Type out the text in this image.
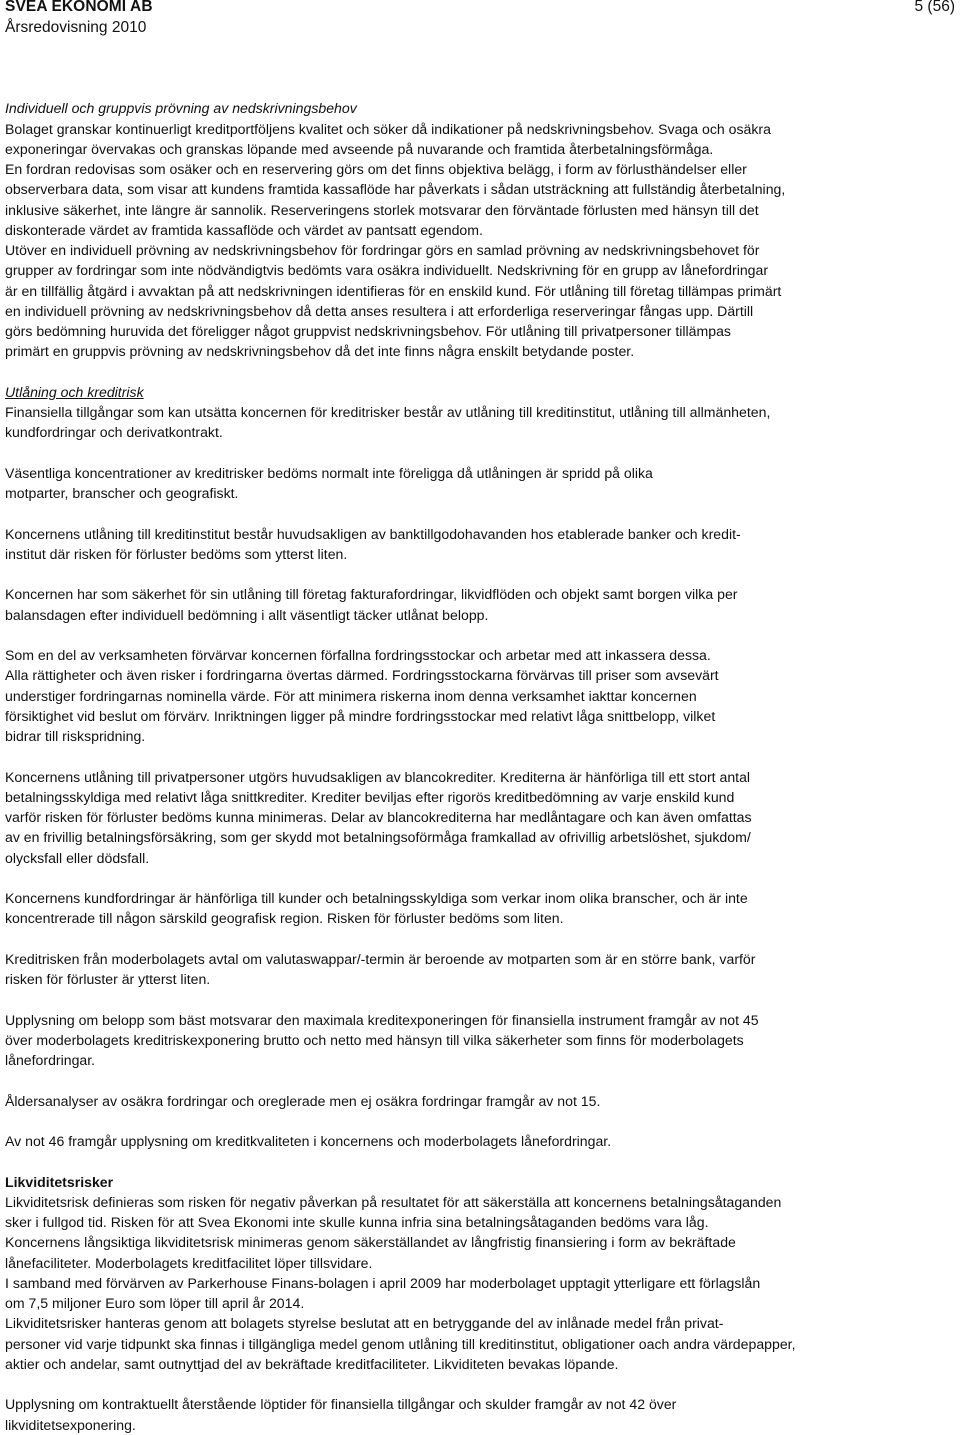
SVEA EKONOMI AB
Årsredovisning 2010
5 (56)

Individuell och gruppvis prövning av nedskrivningsbehov

Bolaget granskar kontinuerligt kreditportföljens kvalitet och söker då indikationer på nedskrivningsbehov. Svaga och osäkra

exponeringar övervakas och granskas löpande med avseende på nuvarande och framtida återbetalningsförmåga.

En fordran redovisas som osäker och en reservering görs om det finns objektiva belägg, i form av förlusthändelser eller

observerbara data, som visar att kundens framtida kassaflöde har påverkats i sådan utsträckning att fullständig återbetalning,

inklusive säkerhet, inte längre är sannolik. Reserveringens storlek motsvarar den förväntade förlusten med hänsyn till det

diskonterade värdet av framtida kassaflöde och värdet av pantsatt egendom.

Utöver en individuell prövning av nedskrivningsbehov för fordringar görs en samlad prövning av nedskrivningsbehovet för

grupper av fordringar som inte nödvändigtvis bedömts vara osäkra individuellt. Nedskrivning för en grupp av lånefordringar

är en tillfällig åtgärd i avvaktan på att nedskrivningen identifieras för en enskild kund. För utlåning till företag tillämpas primärt

en individuell prövning av nedskrivningsbehov då detta anses resultera i att erforderliga reserveringar fångas upp. Därtill

görs bedömning huruvida det föreligger något gruppvist nedskrivningsbehov. För utlåning till privatpersoner tillämpas

primärt en gruppvis prövning av nedskrivningsbehov då det inte finns några enskilt betydande poster.

Utlåning och kreditrisk

Finansiella tillgångar som kan utsätta koncernen för kreditrisker består av utlåning till kreditinstitut, utlåning till allmänheten,

kundfordringar och derivatkontrakt.

Väsentliga koncentrationer av kreditrisker bedöms normalt inte föreligga då utlåningen är spridd på olika

motparter, branscher och geografiskt.

Koncernens utlåning till kreditinstitut består huvudsakligen av banktillgodohavanden hos etablerade banker och kredit-

institut där risken för förluster bedöms som ytterst liten.

Koncernen har som säkerhet för sin utlåning till företag fakturafordringar, likvidflöden och objekt samt borgen vilka per

balansdagen efter individuell bedömning i allt väsentligt täcker utlånat belopp.

Som en del av verksamheten förvärvar koncernen förfallna fordringsstockar och arbetar med att inkassera dessa.

Alla rättigheter och även risker i fordringarna övertas därmed. Fordringsstockarna förvärvas till priser som avsevärt

understiger fordringarnas nominella värde. För att minimera riskerna inom denna verksamhet iakttar koncernen

försiktighet vid beslut om förvärv. Inriktningen ligger på mindre fordringsstockar med relativt låga snittbelopp, vilket

bidrar till riskspridning.

Koncernens utlåning till privatpersoner utgörs huvudsakligen av blancokrediter. Krediterna är hänförliga till ett stort antal

betalningsskyldiga med relativt låga snittkrediter. Krediter beviljas efter rigorös kreditbedömning av varje enskild kund

varför risken för förluster bedöms kunna minimeras. Delar av blancokrediterna har medlåntagare och kan även omfattas

av en frivillig betalningsförsäkring, som ger skydd mot betalningsoförmåga framkallad av ofrivillig arbetslöshet, sjukdom/

olycksfall eller dödsfall.

Koncernens kundfordringar är hänförliga till kunder och betalningsskyldiga som verkar inom olika branscher, och är inte

koncentrerade till någon särskild geografisk region. Risken för förluster bedöms som liten.

Kreditrisken från moderbolagets avtal om valutaswappar/-termin är beroende av motparten som är en större bank, varför

risken för förluster är ytterst liten.

Upplysning om belopp som bäst motsvarar den maximala kreditexponeringen för finansiella instrument framgår av not 45

över moderbolagets kreditriskexponering brutto och netto med hänsyn till vilka säkerheter som finns för moderbolagets

lånefordringar.

Åldersanalyser av osäkra fordringar och oreglerade men ej osäkra fordringar framgår av not 15.

Av not 46 framgår upplysning om kreditkvaliteten i koncernens och moderbolagets lånefordringar.

Likviditetsrisker

Likviditetsrisk definieras som risken för negativ påverkan på resultatet för att säkerställa att koncernens betalningsåtaganden

sker i fullgod tid. Risken för att Svea Ekonomi inte skulle kunna infria sina betalningsåtaganden bedöms vara låg.

Koncernens långsiktiga likviditetsrisk minimeras genom säkerställandet av långfristig finansiering i form av bekräftade

lånefaciliteter. Moderbolagets kreditfacilitet löper tillsvidare.

I samband med förvärven av Parkerhouse Finans-bolagen i april 2009 har moderbolaget upptagit ytterligare ett förlagslån

om 7,5 miljoner Euro som löper till april år 2014.

Likviditetsrisker hanteras genom att bolagets styrelse beslutat att en betryggande del av inlånade medel från privat-

personer vid varje tidpunkt ska finnas i tillgängliga medel genom utlåning till kreditinstitut, obligationer oach andra värdepapper,

aktier och andelar, samt outnyttjad del av bekräftade kreditfaciliteter. Likviditeten bevakas löpande.

Upplysning om kontraktuellt återstående löptider för finansiella tillgångar och skulder framgår av not 42 över

likviditetsexponering.
